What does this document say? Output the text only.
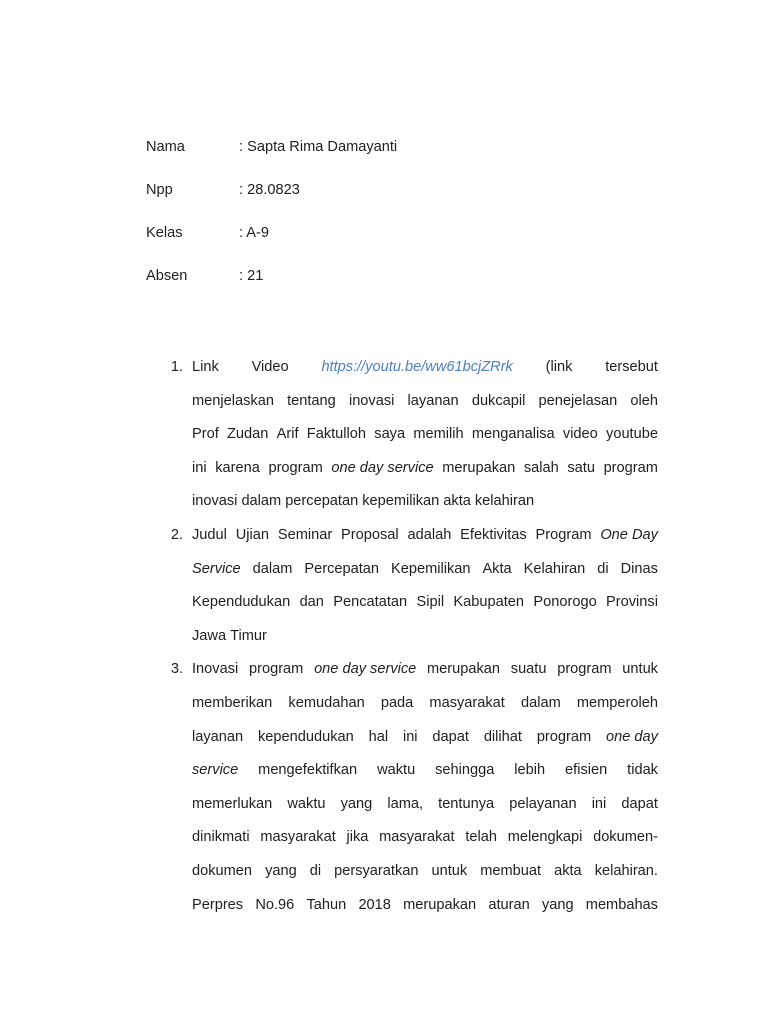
Nama	: Sapta Rima Damayanti
Npp	: 28.0823
Kelas	: A-9
Absen	: 21
1. Link Video https://youtu.be/ww61bcjZRrk (link tersebut
menjelaskan tentang inovasi layanan dukcapil penejelasan oleh
Prof Zudan Arif Faktulloh saya memilih menganalisa video youtube
ini karena program one day service merupakan salah satu program
inovasi dalam percepatan kepemilikan akta kelahiran
2. Judul Ujian Seminar Proposal adalah Efektivitas Program One Day
Service dalam Percepatan Kepemilikan Akta Kelahiran di Dinas
Kependudukan dan Pencatatan Sipil Kabupaten Ponorogo Provinsi
Jawa Timur
3. Inovasi program one day service merupakan suatu program untuk
memberikan kemudahan pada masyarakat dalam memperoleh
layanan kependudukan hal ini dapat dilihat program one day
service mengefektifkan waktu sehingga lebih efisien tidak
memerlukan waktu yang lama, tentunya pelayanan ini dapat
dinikmati masyarakat jika masyarakat telah melengkapi dokumen-
dokumen yang di persyaratkan untuk membuat akta kelahiran.
Perpres No.96 Tahun 2018 merupakan aturan yang membahas
